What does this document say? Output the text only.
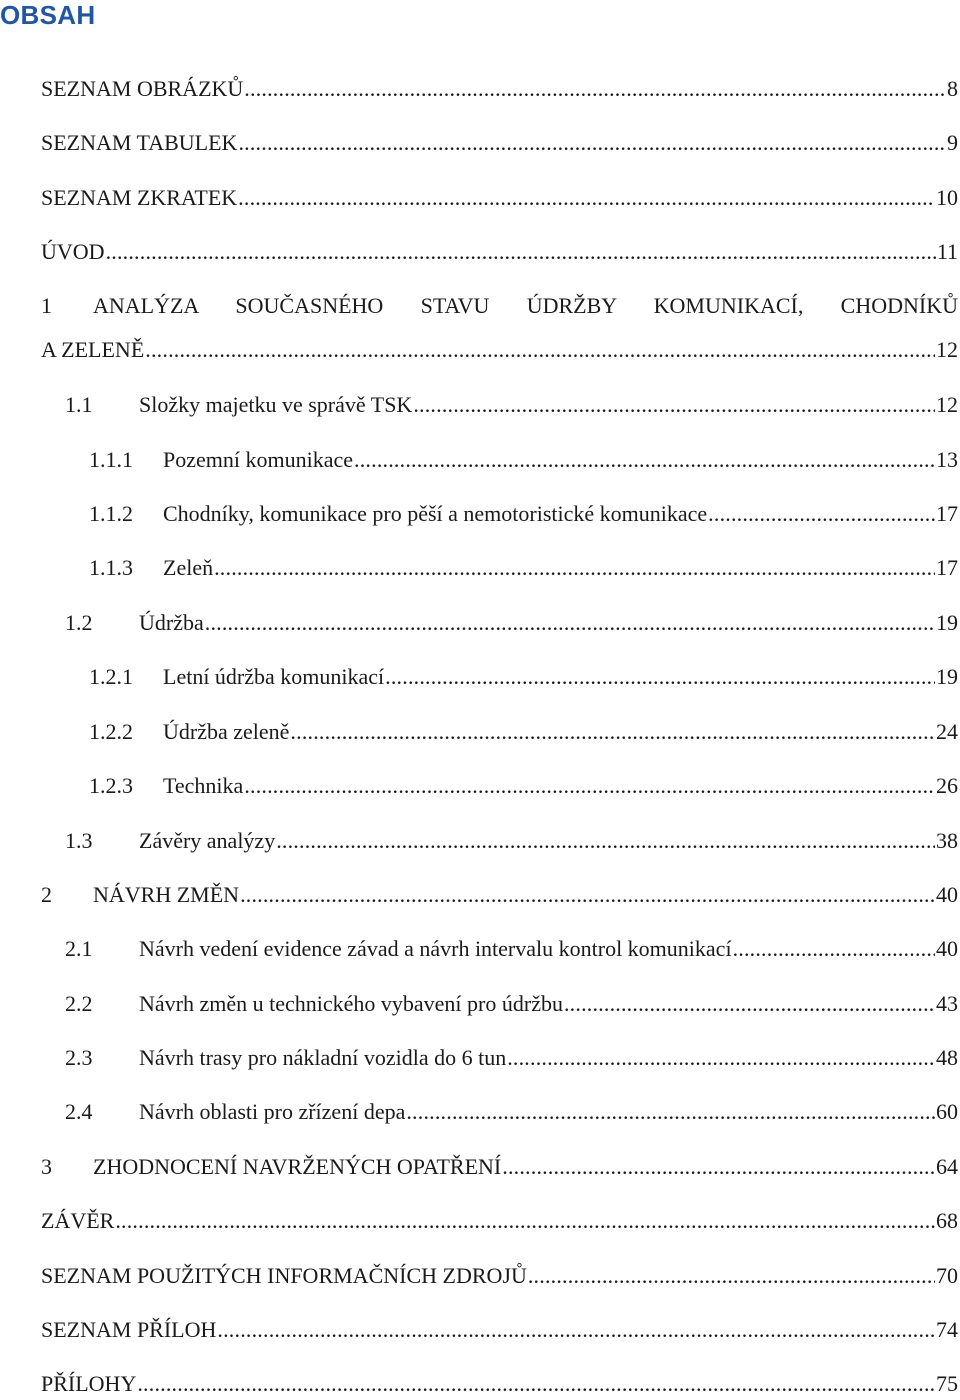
OBSAH
SEZNAM OBRÁZKŮ .....	8
SEZNAM TABULEK .....	9
SEZNAM ZKRATEK .....	10
ÚVOD .....	11
1	ANALÝZA SOUČASNÉHO STAVU ÚDRŽBY KOMUNIKACÍ, CHODNÍKŮ
A ZELENĚ .....	12
1.1	Složky majetku ve správě TSK .....	12
1.1.1	Pozemní komunikace .....	13
1.1.2	Chodníky, komunikace pro pěší a nemotoristické komunikace .....	17
1.1.3	Zeleň .....	17
1.2	Údržba .....	19
1.2.1	Letní údržba komunikací .....	19
1.2.2	Údržba zeleně .....	24
1.2.3	Technika .....	26
1.3	Závěry analýzy .....	38
2	NÁVRH ZMĚN .....	40
2.1	Návrh vedení evidence závad a návrh intervalu kontrol komunikací .....	40
2.2	Návrh změn u technického vybavení pro údržbu .....	43
2.3	Návrh trasy pro nákladní vozidla do 6 tun .....	48
2.4	Návrh oblasti pro zřízení depa .....	60
3	ZHODNOCENÍ NAVRŽENÝCH OPATŘENÍ .....	64
ZÁVĚR .....	68
SEZNAM POUŽITÝCH INFORMAČNÍCH ZDROJŮ .....	70
SEZNAM PŘÍLOH .....	74
PŘÍLOHY .....	75
